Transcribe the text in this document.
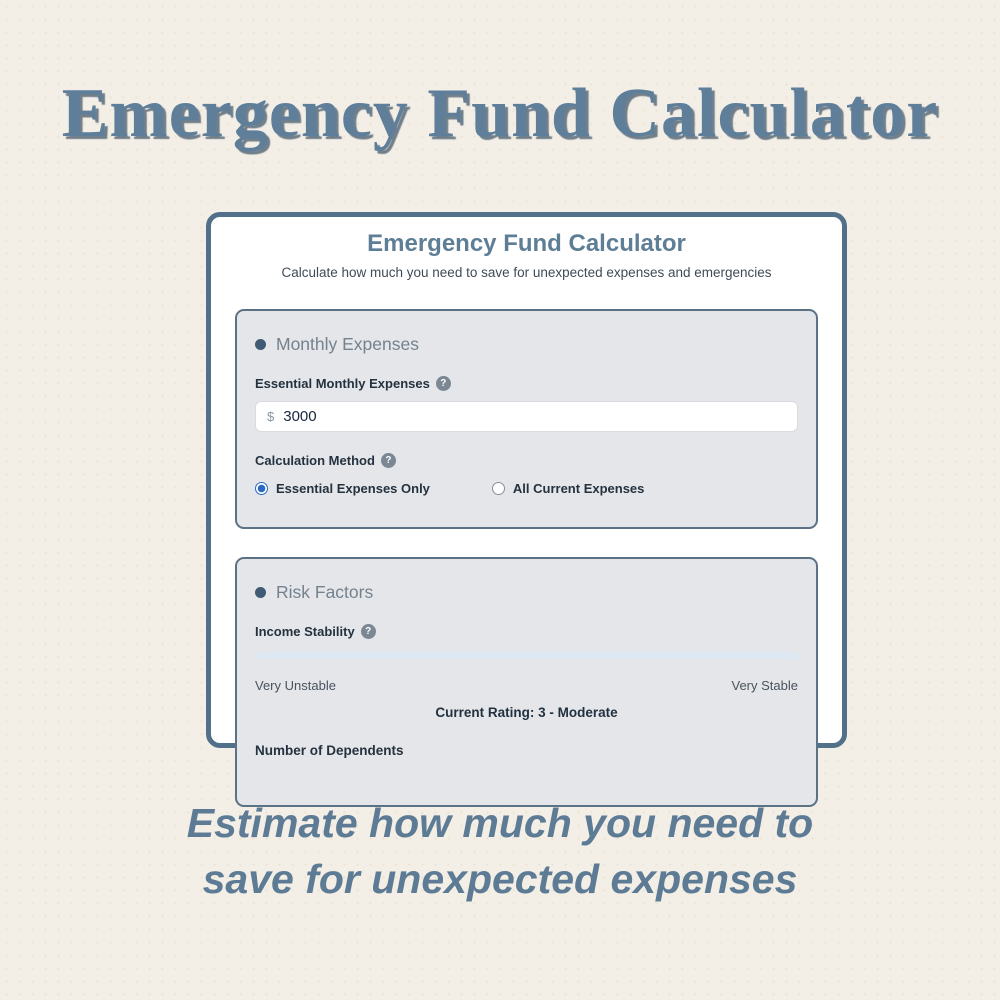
Emergency Fund Calculator
Emergency Fund Calculator
Calculate how much you need to save for unexpected expenses and emergencies
Monthly Expenses
Essential Monthly Expenses	?
$ 3000
Calculation Method	?
Essential Expenses Only	All Current Expenses
Risk Factors
Income Stability	?
Very Unstable	Very Stable
Current Rating: 3 - Moderate
Number of Dependents
Estimate how much you need to
save for unexpected expenses
